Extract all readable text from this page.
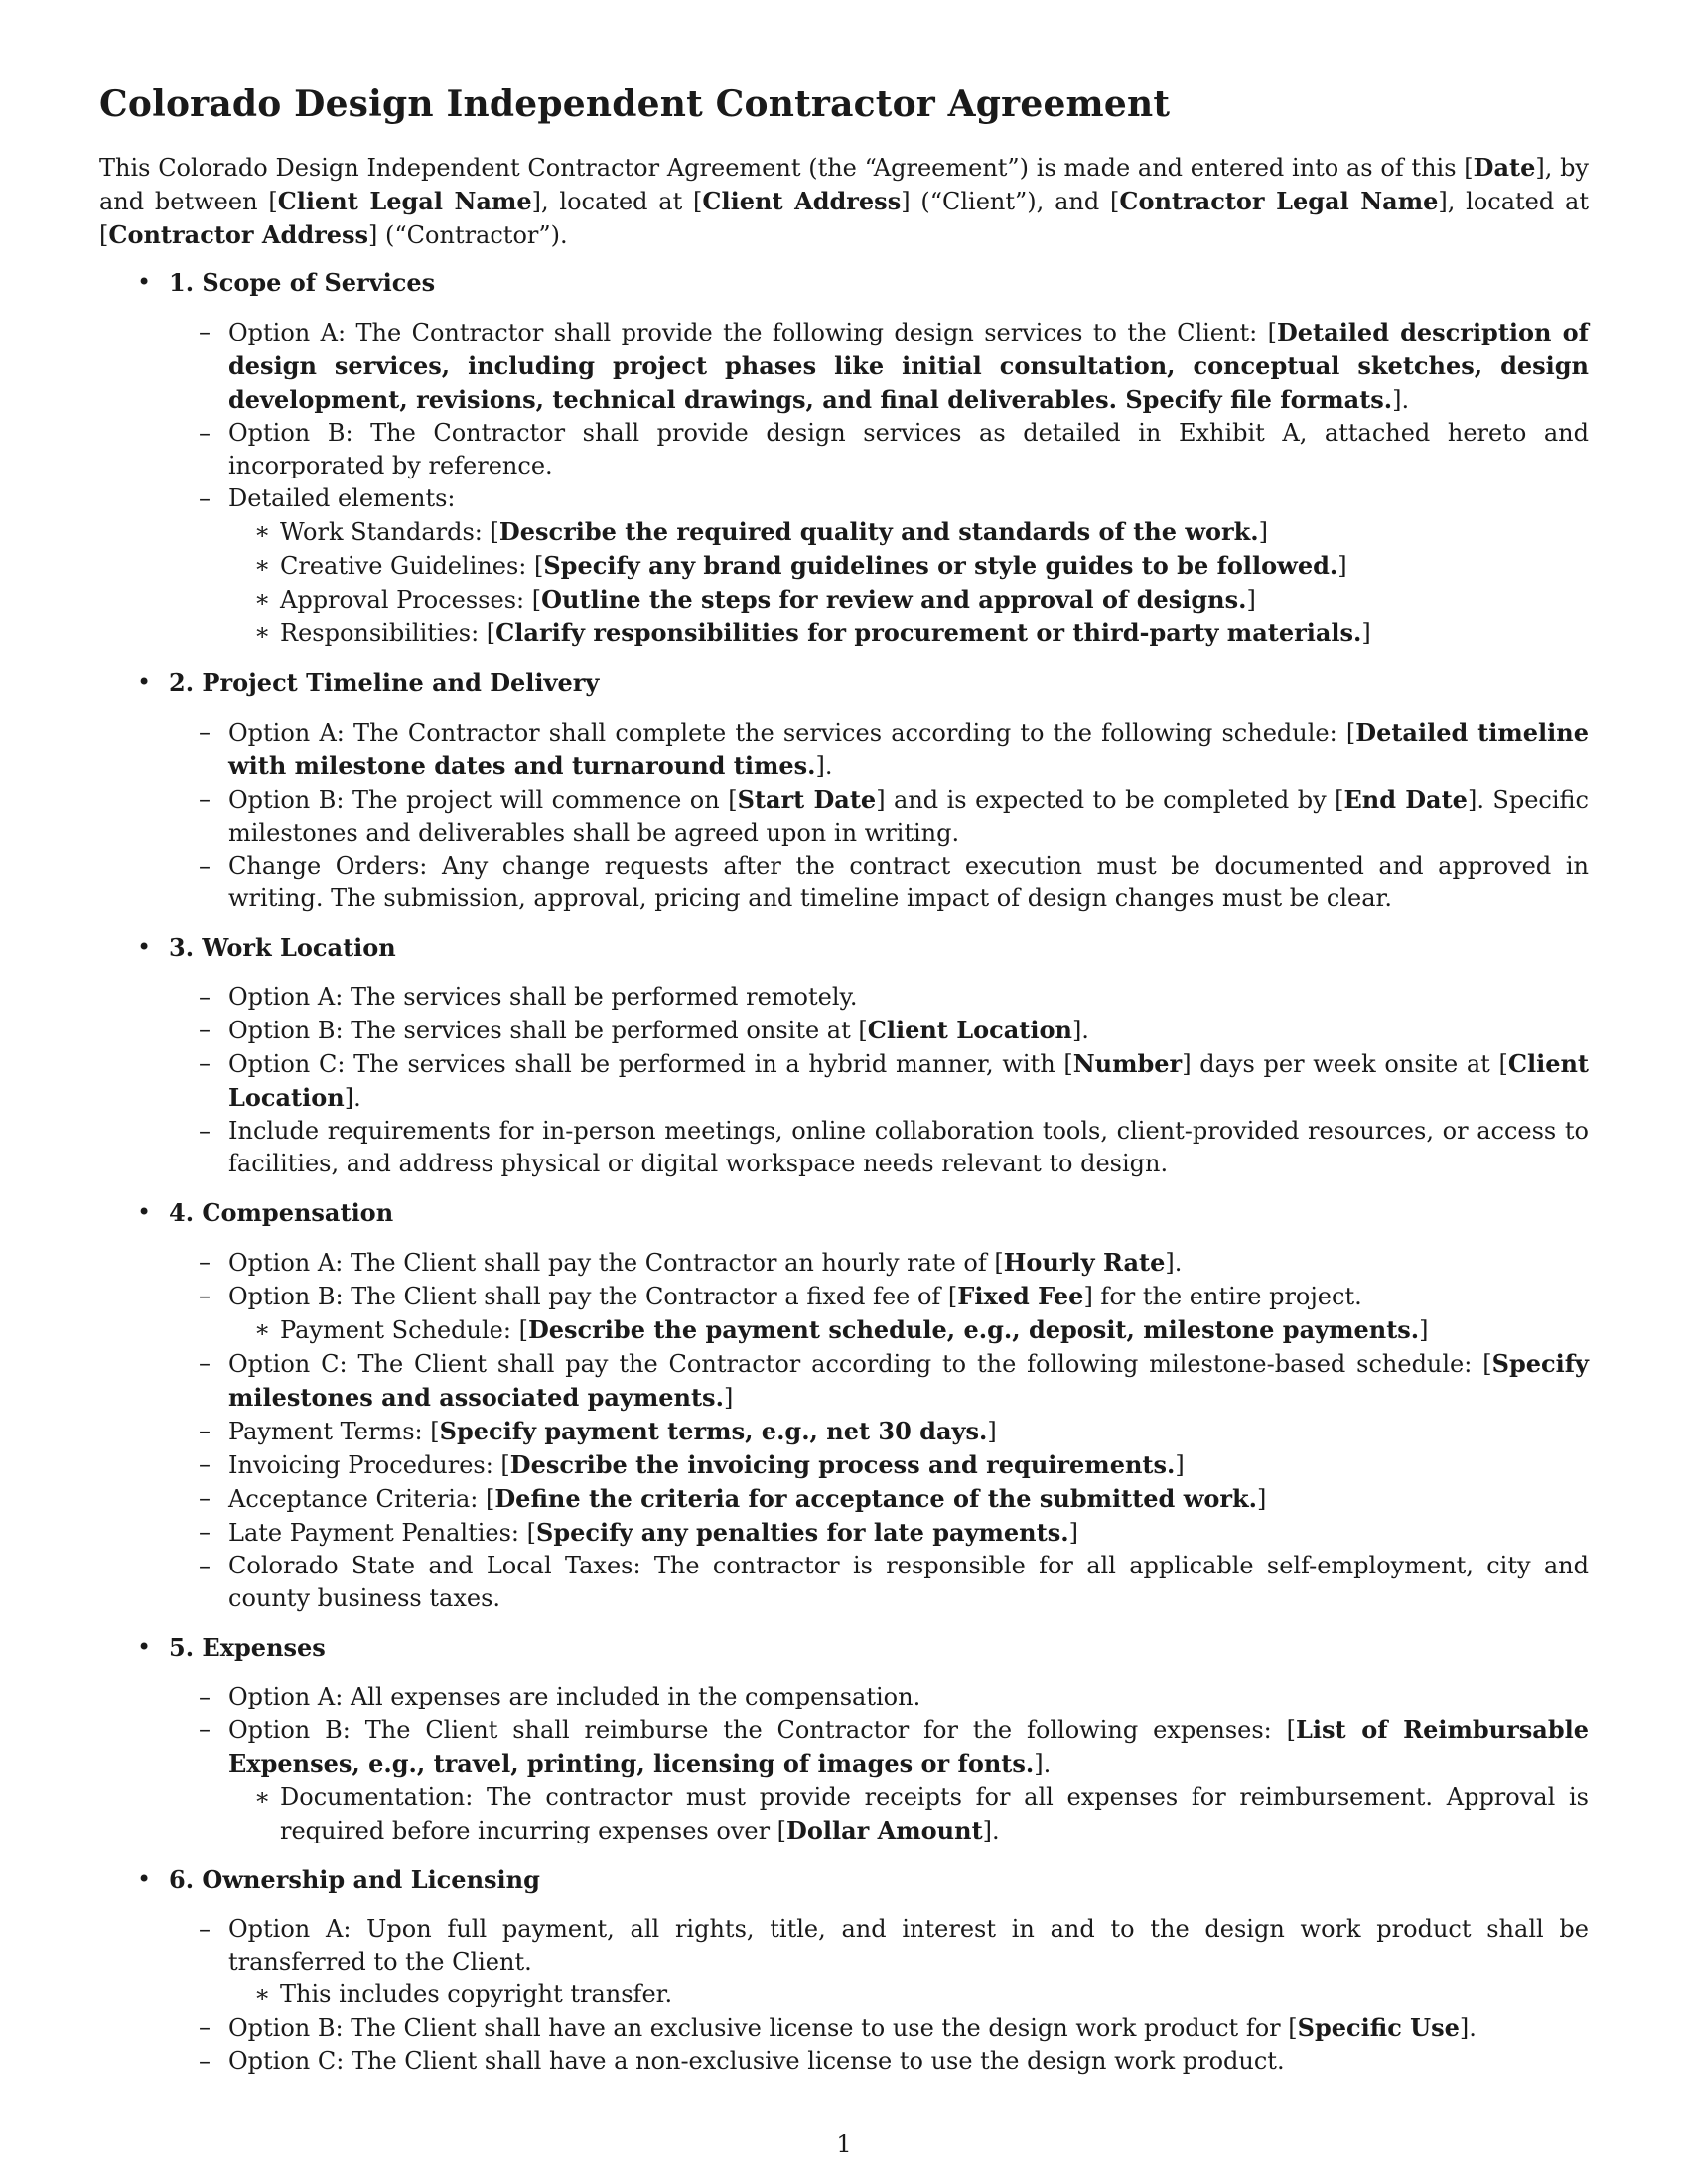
Colorado Design Independent Contractor Agreement

This Colorado Design Independent Contractor Agreement (the “Agreement”) is made and entered into as of this [Date], by and between [Client Legal Name], located at [Client Address] (“Client”), and [Contractor Legal Name], located at [Contractor Address] (“Contractor”).

• 1. Scope of Services
– Option A: The Contractor shall provide the following design services to the Client: [Detailed description of design services, including project phases like initial consultation, conceptual sketches, design development, revisions, technical drawings, and final deliverables. Specify file formats.].
– Option B: The Contractor shall provide design services as detailed in Exhibit A, attached hereto and incorporated by reference.
– Detailed elements:
∗ Work Standards: [Describe the required quality and standards of the work.]
∗ Creative Guidelines: [Specify any brand guidelines or style guides to be followed.]
∗ Approval Processes: [Outline the steps for review and approval of designs.]
∗ Responsibilities: [Clarify responsibilities for procurement or third-party materials.]
• 2. Project Timeline and Delivery
– Option A: The Contractor shall complete the services according to the following schedule: [Detailed timeline with milestone dates and turnaround times.].
– Option B: The project will commence on [Start Date] and is expected to be completed by [End Date]. Specific milestones and deliverables shall be agreed upon in writing.
– Change Orders: Any change requests after the contract execution must be documented and approved in writing. The submission, approval, pricing and timeline impact of design changes must be clear.
• 3. Work Location
– Option A: The services shall be performed remotely.
– Option B: The services shall be performed onsite at [Client Location].
– Option C: The services shall be performed in a hybrid manner, with [Number] days per week onsite at [Client Location].
– Include requirements for in-person meetings, online collaboration tools, client-provided resources, or access to facilities, and address physical or digital workspace needs relevant to design.
• 4. Compensation
– Option A: The Client shall pay the Contractor an hourly rate of [Hourly Rate].
– Option B: The Client shall pay the Contractor a fixed fee of [Fixed Fee] for the entire project.
∗ Payment Schedule: [Describe the payment schedule, e.g., deposit, milestone payments.]
– Option C: The Client shall pay the Contractor according to the following milestone-based schedule: [Specify milestones and associated payments.]
– Payment Terms: [Specify payment terms, e.g., net 30 days.]
– Invoicing Procedures: [Describe the invoicing process and requirements.]
– Acceptance Criteria: [Define the criteria for acceptance of the submitted work.]
– Late Payment Penalties: [Specify any penalties for late payments.]
– Colorado State and Local Taxes: The contractor is responsible for all applicable self-employment, city and county business taxes.
• 5. Expenses
– Option A: All expenses are included in the compensation.
– Option B: The Client shall reimburse the Contractor for the following expenses: [List of Reimbursable Expenses, e.g., travel, printing, licensing of images or fonts.].
∗ Documentation: The contractor must provide receipts for all expenses for reimbursement. Approval is required before incurring expenses over [Dollar Amount].
• 6. Ownership and Licensing
– Option A: Upon full payment, all rights, title, and interest in and to the design work product shall be transferred to the Client.
∗ This includes copyright transfer.
– Option B: The Client shall have an exclusive license to use the design work product for [Specific Use].
– Option C: The Client shall have a non-exclusive license to use the design work product.
1
